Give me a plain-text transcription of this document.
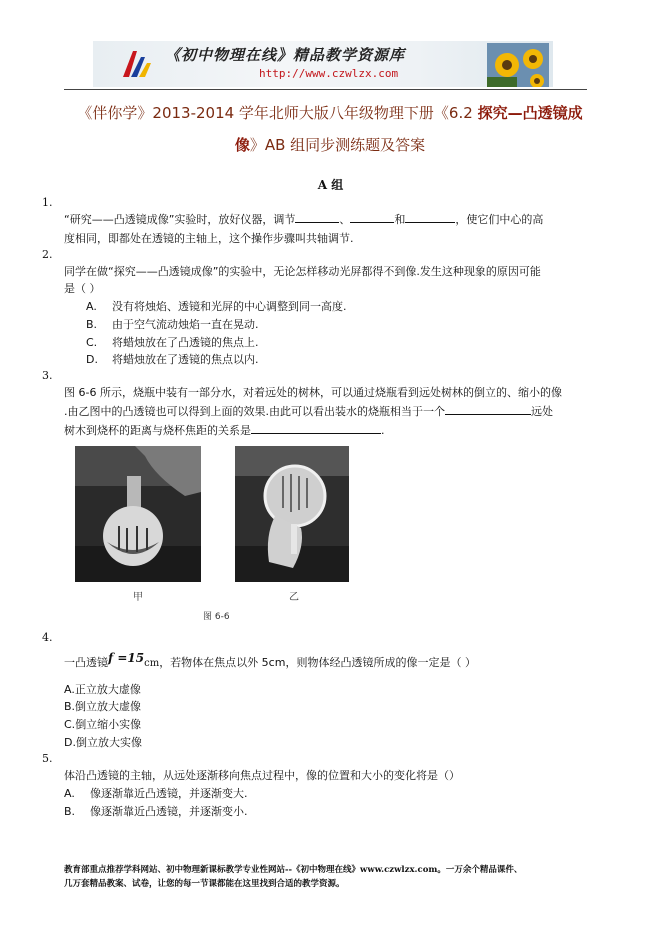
《初中物理在线》精品教学资源库
http://www.czwlzx.com
《伴你学》2013-2014 学年北师大版八年级物理下册《6.2 探究—凸透镜成
像》AB 组同步测练题及答案
A 组
1.
“研究——凸透镜成像”实验时，放好仪器，调节	、	和	，使它们中心的高
度相同，即都处在透镜的主轴上，这个操作步骤叫共轴调节.
2.
同学在做“探究——凸透镜成像”的实验中，无论怎样移动光屏都得不到像.发生这种现象的原因可能
是（ ）
A. 没有将烛焰、透镜和光屏的中心调整到同一高度.
B. 由于空气流动烛焰一直在晃动.
C. 将蜡烛放在了凸透镜的焦点上.
D. 将蜡烛放在了透镜的焦点以内.
3.
图 6-6 所示，烧瓶中装有一部分水，对着远处的树林，可以通过烧瓶看到远处树林的倒立的、缩小的像
.由乙图中的凸透镜也可以得到上面的效果.由此可以看出装水的烧瓶相当于一个	远处
树木到烧杯的距离与烧杯焦距的关系是	.
甲	乙
图 6-6
4.
一凸透镜f =15cm，若物体在焦点以外 5cm，则物体经凸透镜所成的像一定是（ ）
A.正立放大虚像
B.倒立放大虚像
C.倒立缩小实像
D.倒立放大实像
5.
体沿凸透镜的主轴，从远处逐渐移向焦点过程中，像的位置和大小的变化将是（）
A. 像逐渐靠近凸透镜，并逐渐变大.
B. 像逐渐靠近凸透镜，并逐渐变小.
教育部重点推荐学科网站、初中物理新课标教学专业性网站--《初中物理在线》www.czwlzx.com。一万余个精品课件、
几万套精品教案、试卷，让您的每一节课都能在这里找到合适的教学资源。
